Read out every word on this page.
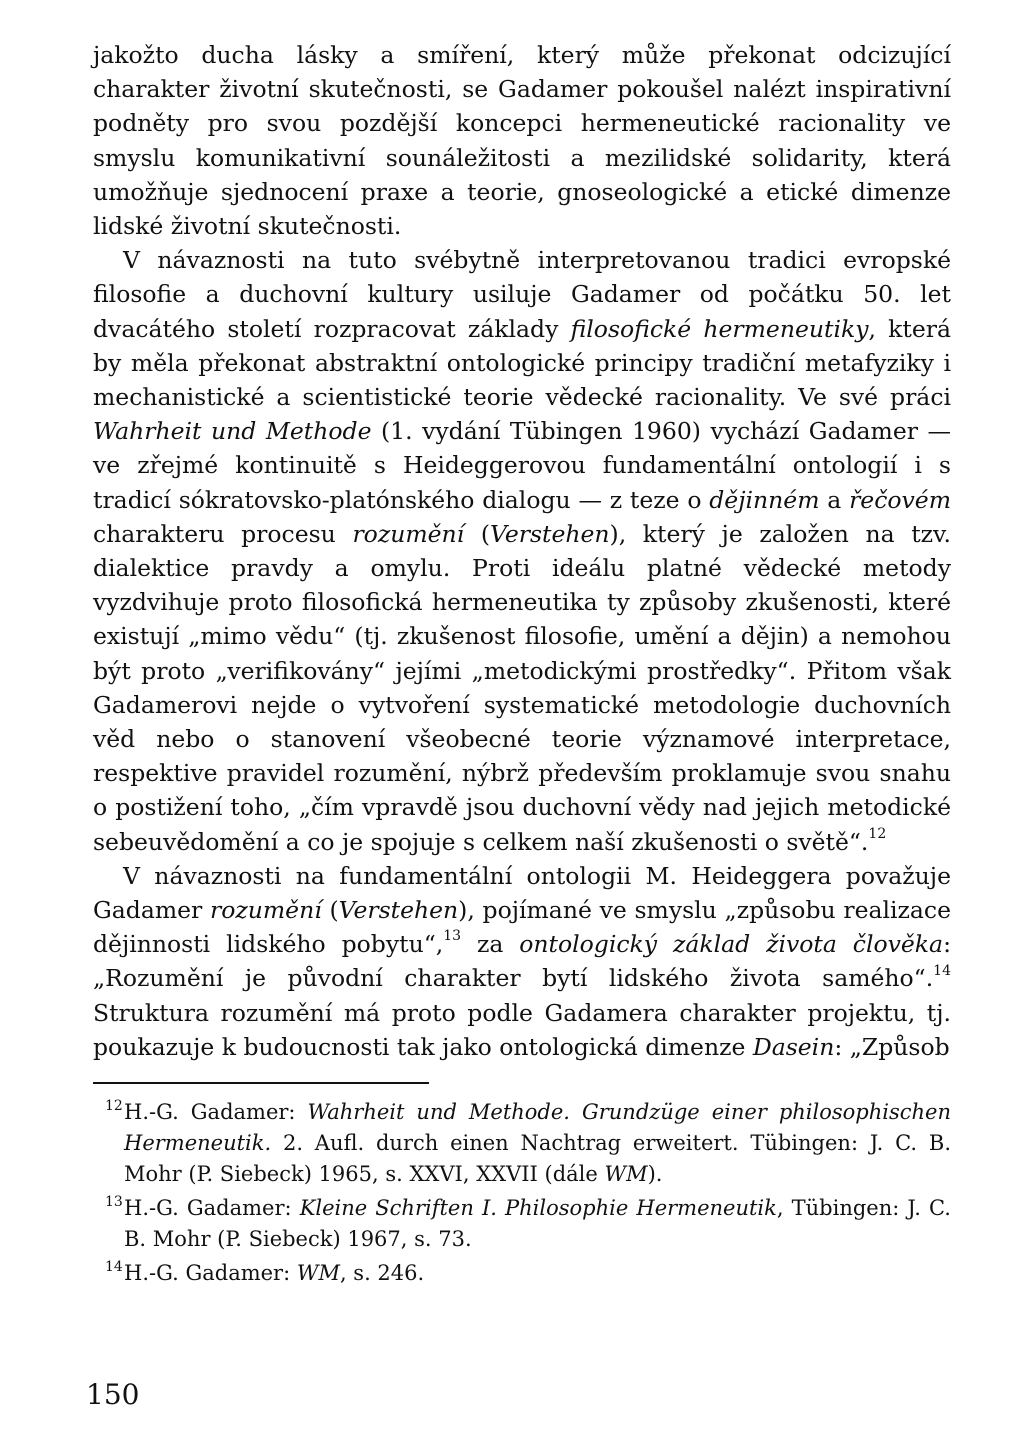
jakožto ducha lásky a smíření, který může překonat odcizující charakter životní skutečnosti, se Gadamer pokoušel nalézt inspirativní podněty pro svou pozdější koncepci hermeneutické racionality ve smyslu komunikativní sounáležitosti a mezilidské solidarity, která umožňuje sjednocení praxe a teorie, gnoseologické a etické dimenze lidské životní skutečnosti.

V návaznosti na tuto svébytně interpretovanou tradici evropské filosofie a duchovní kultury usiluje Gadamer od počátku 50. let dvacátého století rozpracovat základy filosofické hermeneutiky, která by měla překonat abstraktní ontologické principy tradiční metafyziky i mechanistické a scientistické teorie vědecké racionality. Ve své práci Wahrheit und Methode (1. vydání Tübingen 1960) vychází Gadamer — ve zřejmé kontinuitě s Heideggerovou fundamentální ontologií i s tradicí sókratovsko-platónského dialogu — z teze o dějinném a řečovém charakteru procesu rozumění (Verstehen), který je založen na tzv. dialektice pravdy a omylu. Proti ideálu platné vědecké metody vyzdvihuje proto filosofická hermeneutika ty způsoby zkušenosti, které existují „mimo vědu“ (tj. zkušenost filosofie, umění a dějin) a nemohou být proto „verifikovány“ jejími „metodickými prostředky“. Přitom však Gadamerovi nejde o vytvoření systematické metodologie duchovních věd nebo o stanovení všeobecné teorie významové interpretace, respektive pravidel rozumění, nýbrž především proklamuje svou snahu o postižení toho, „čím vpravdě jsou duchovní vědy nad jejich metodické sebeuvědomění a co je spojuje s celkem naší zkušenosti o světě“.$^{12}$

V návaznosti na fundamentální ontologii M. Heideggera považuje Gadamer rozumění (Verstehen), pojímané ve smyslu „způsobu realizace dějinnosti lidského pobytu“,$^{13}$ za ontologický základ života člověka: „Rozumění je původní charakter bytí lidského života samého“.$^{14}$ Struktura rozumění má proto podle Gadamera charakter projektu, tj. poukazuje k budoucnosti tak jako ontologická dimenze Dasein: „Způsob

12 H.-G. Gadamer: Wahrheit und Methode. Grundzüge einer philosophischen Hermeneutik. 2. Aufl. durch einen Nachtrag erweitert. Tübingen: J. C. B. Mohr (P. Siebeck) 1965, s. XXVI, XXVII (dále WM).

13 H.-G. Gadamer: Kleine Schriften I. Philosophie Hermeneutik, Tübingen: J. C. B. Mohr (P. Siebeck) 1967, s. 73.

14 H.-G. Gadamer: WM, s. 246.

150
